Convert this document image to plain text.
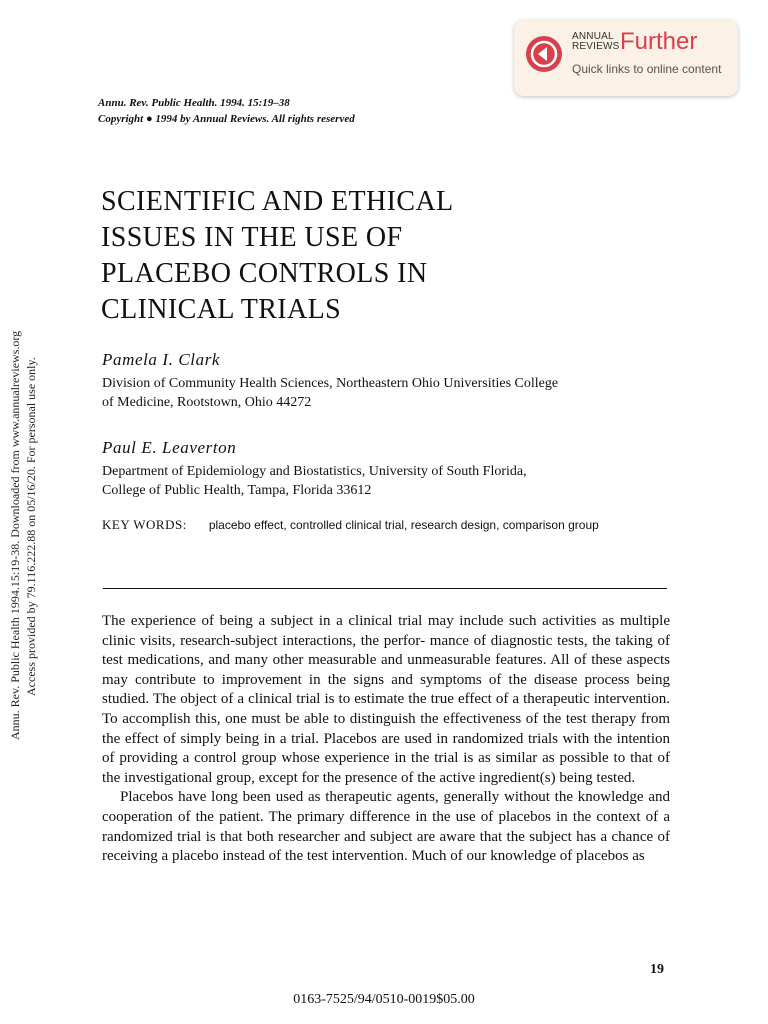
ANNUAL
REVIEWS Further
Quick links to online content
Annu. Rev. Public Health 1994.15:19-38. Downloaded from www.annualreviews.org Access provided by 79.116.222.88 on 05/16/20. For personal use only.
Annu. Rev. Public Health. 1994. 15:19–38
Copyright ● 1994 by Annual Reviews. All rights reserved
SCIENTIFIC AND ETHICAL
ISSUES IN THE USE OF
PLACEBO CONTROLS IN
CLINICAL TRIALS
Pamela I. Clark
Division of Community Health Sciences, Northeastern Ohio Universities College
of Medicine, Rootstown, Ohio 44272
Paul E. Leaverton
Department of Epidemiology and Biostatistics, University of South Florida,
College of Public Health, Tampa, Florida 33612
KEY WORDS: placebo effect, controlled clinical trial, research design, comparison group

The experience of being a subject in a clinical trial may include such activities as multiple clinic visits, research-subject interactions, the perfor- mance of diagnostic tests, the taking of test medications, and many other measurable and unmeasurable features. All of these aspects may contribute to improvement in the signs and symptoms of the disease process being studied. The object of a clinical trial is to estimate the true effect of a therapeutic intervention. To accomplish this, one must be able to distinguish the effectiveness of the test therapy from the effect of simply being in a trial. Placebos are used in randomized trials with the intention of providing a control group whose experience in the trial is as similar as possible to that of the investigational group, except for the presence of the active ingredient(s) being tested.

Placebos have long been used as therapeutic agents, generally without the knowledge and cooperation of the patient. The primary difference in the use of placebos in the context of a randomized trial is that both researcher and subject are aware that the subject has a chance of receiving a placebo instead of the test intervention. Much of our knowledge of placebos as

19
0163-7525/94/0510-0019$05.00
